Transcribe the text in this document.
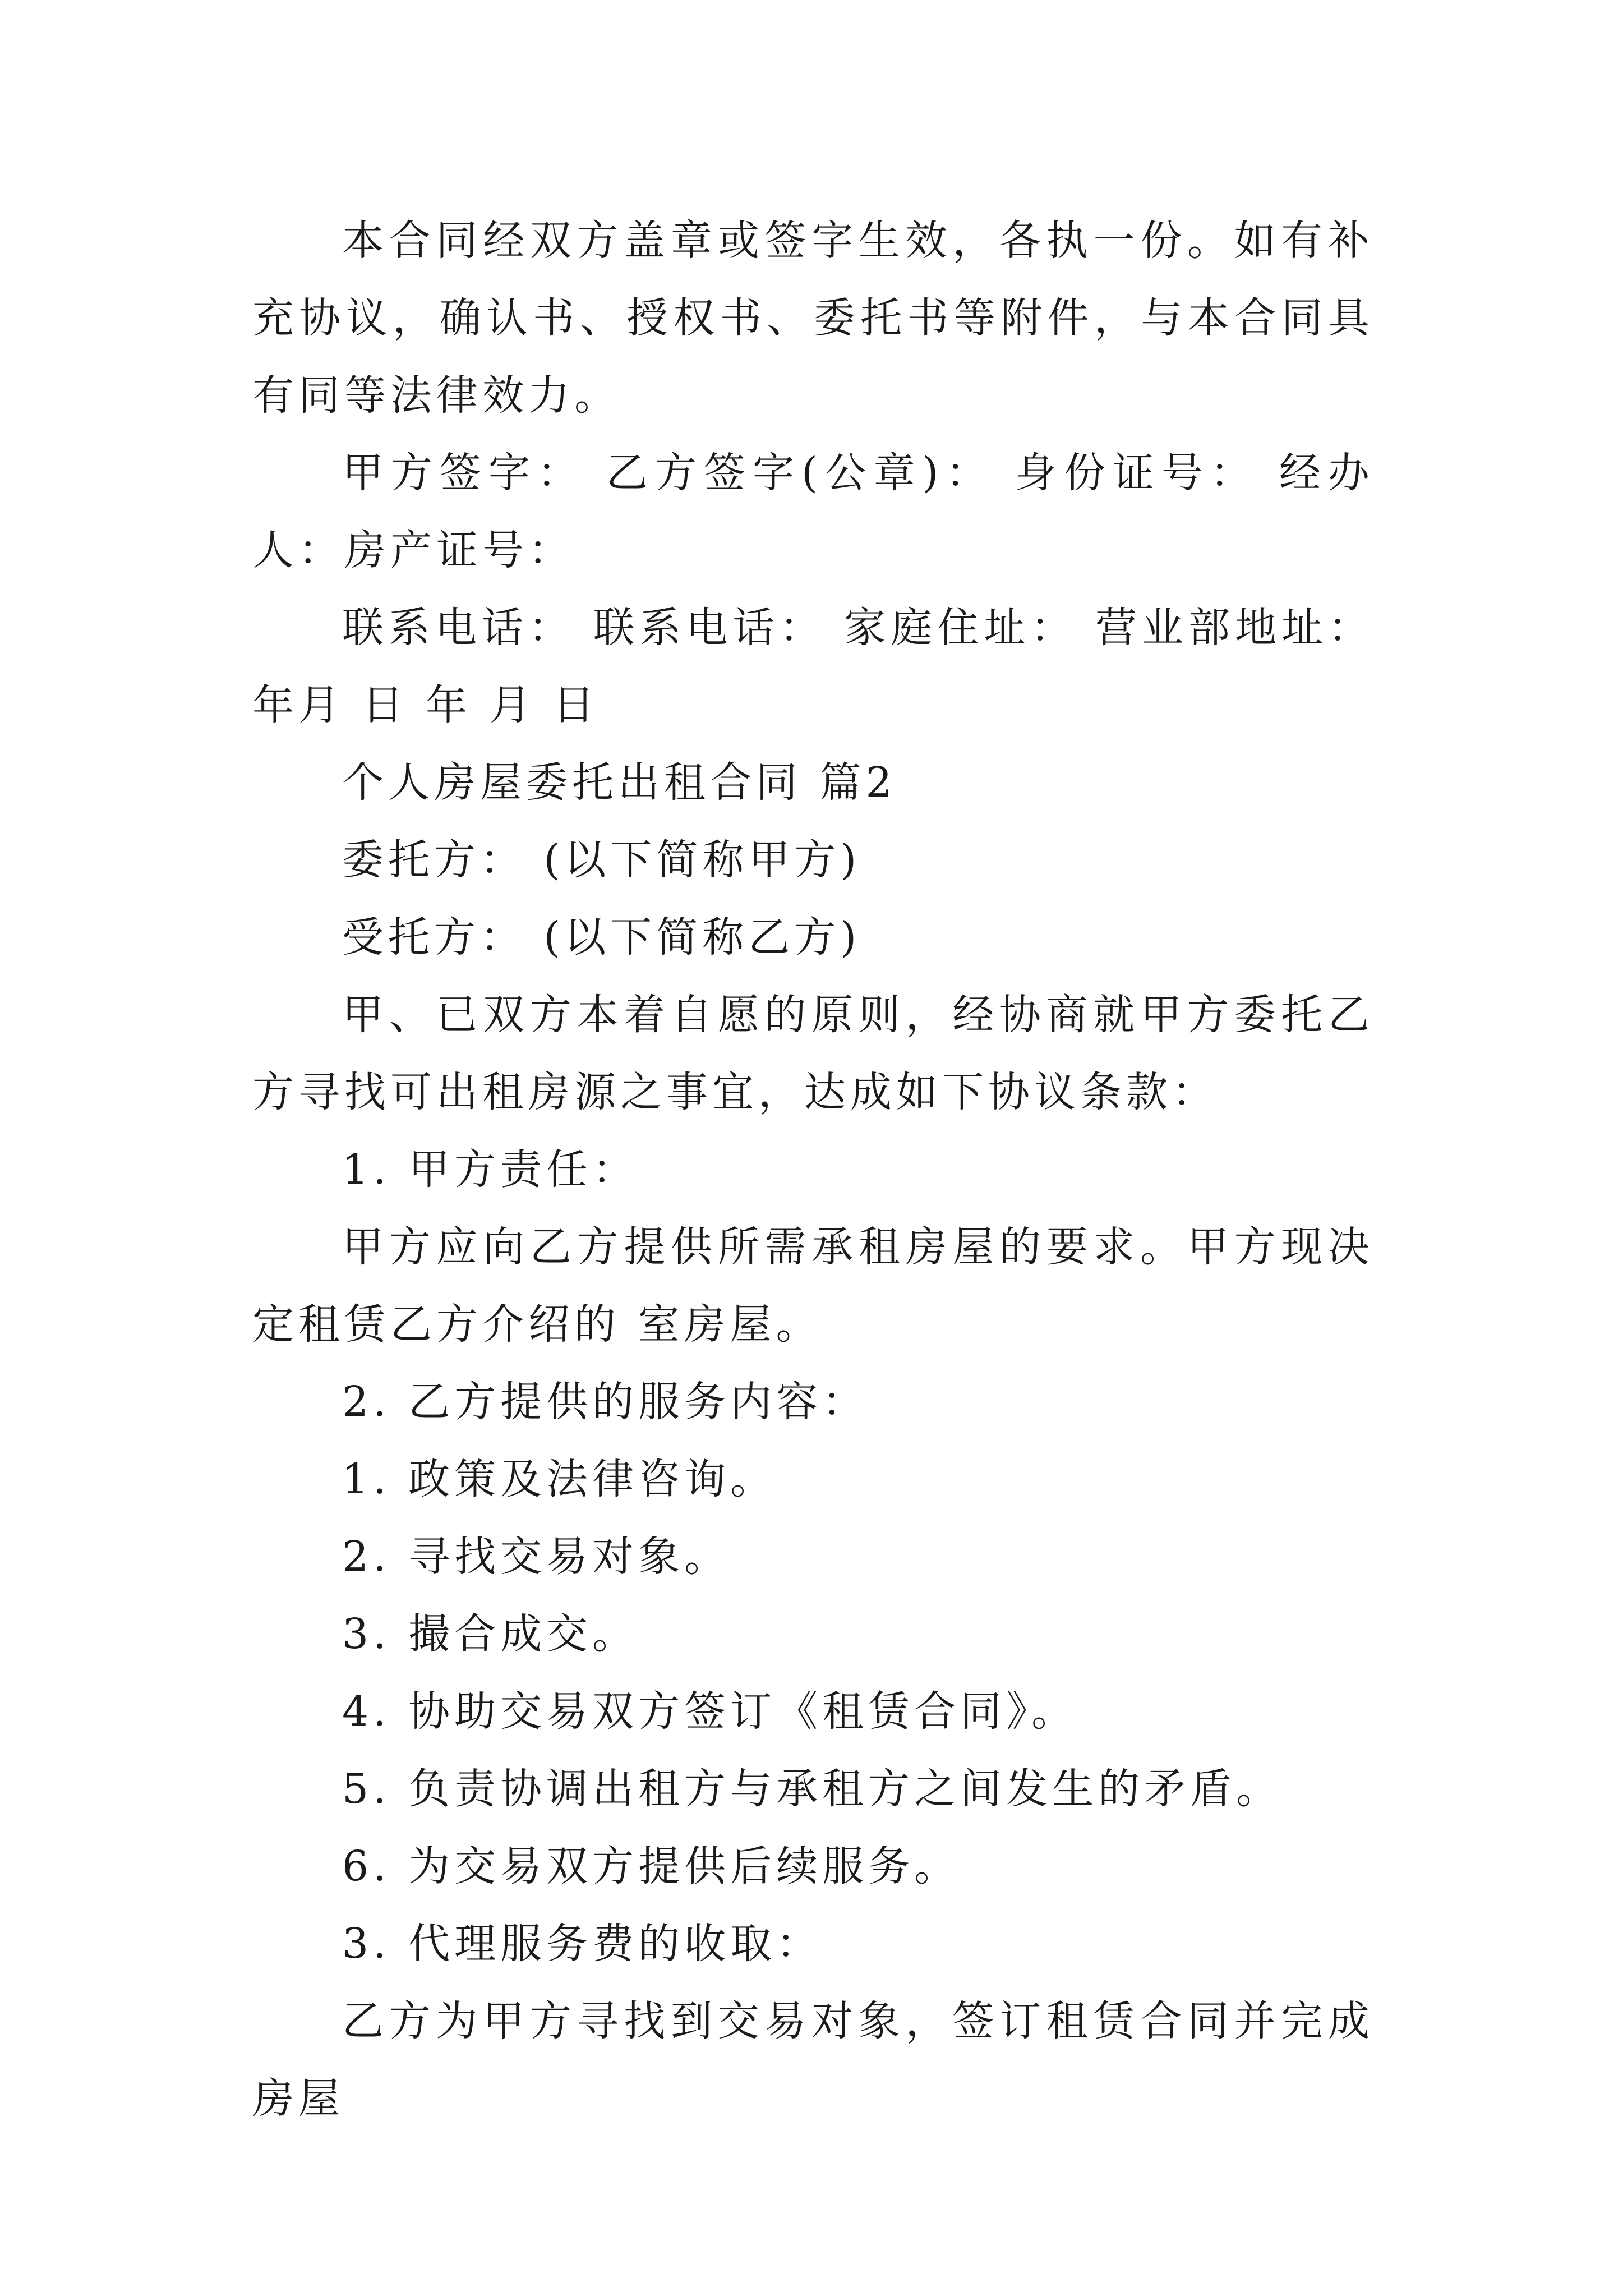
本合同经双方盖章或签字生效，各执一份。如有补充协议，确认书、授权书、委托书等附件，与本合同具有同等法律效力。

甲方签字： 乙方签字(公章)： 身份证号： 经办人：房产证号：

联系电话： 联系电话： 家庭住址： 营业部地址： 年月 日 年 月 日

个人房屋委托出租合同 篇2

委托方： (以下简称甲方)

受托方： (以下简称乙方)

甲、已双方本着自愿的原则，经协商就甲方委托乙方寻找可出租房源之事宜，达成如下协议条款：

1. 甲方责任：

甲方应向乙方提供所需承租房屋的要求。甲方现决定租赁乙方介绍的 室房屋。

2. 乙方提供的服务内容：

1. 政策及法律咨询。

2. 寻找交易对象。

3. 撮合成交。

4. 协助交易双方签订《租赁合同》。

5. 负责协调出租方与承租方之间发生的矛盾。

6. 为交易双方提供后续服务。

3. 代理服务费的收取：

乙方为甲方寻找到交易对象，签订租赁合同并完成房屋
